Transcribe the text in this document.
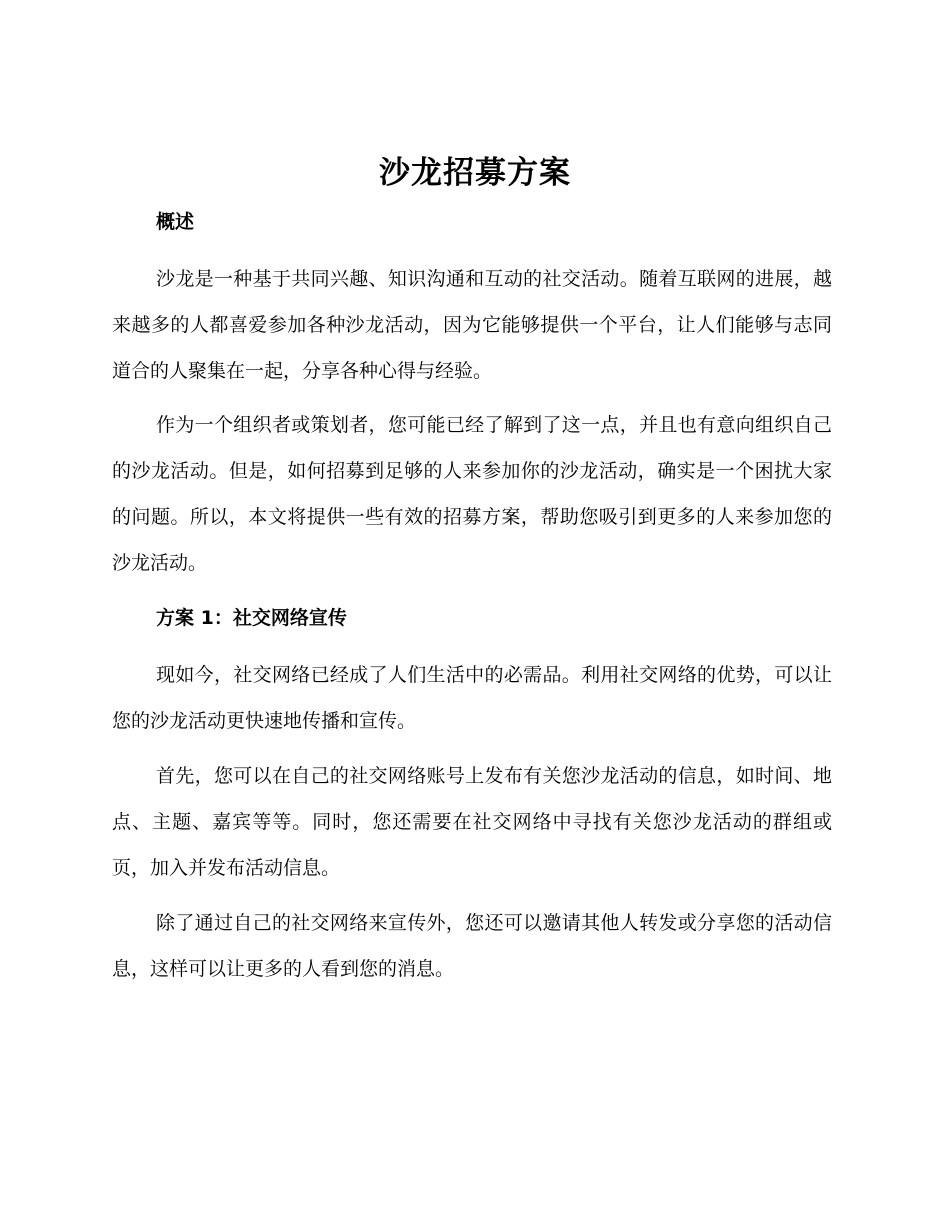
沙龙招募方案
概述

沙龙是一种基于共同兴趣、知识沟通和互动的社交活动。随着互联网的进展，越来越多的人都喜爱参加各种沙龙活动，因为它能够提供一个平台，让人们能够与志同道合的人聚集在一起，分享各种心得与经验。

作为一个组织者或策划者，您可能已经了解到了这一点，并且也有意向组织自己的沙龙活动。但是，如何招募到足够的人来参加你的沙龙活动，确实是一个困扰大家的问题。所以，本文将提供一些有效的招募方案，帮助您吸引到更多的人来参加您的沙龙活动。

方案 1：社交网络宣传

现如今，社交网络已经成了人们生活中的必需品。利用社交网络的优势，可以让您的沙龙活动更快速地传播和宣传。

首先，您可以在自己的社交网络账号上发布有关您沙龙活动的信息，如时间、地点、主题、嘉宾等等。同时，您还需要在社交网络中寻找有关您沙龙活动的群组或页，加入并发布活动信息。

除了通过自己的社交网络来宣传外，您还可以邀请其他人转发或分享您的活动信息，这样可以让更多的人看到您的消息。
